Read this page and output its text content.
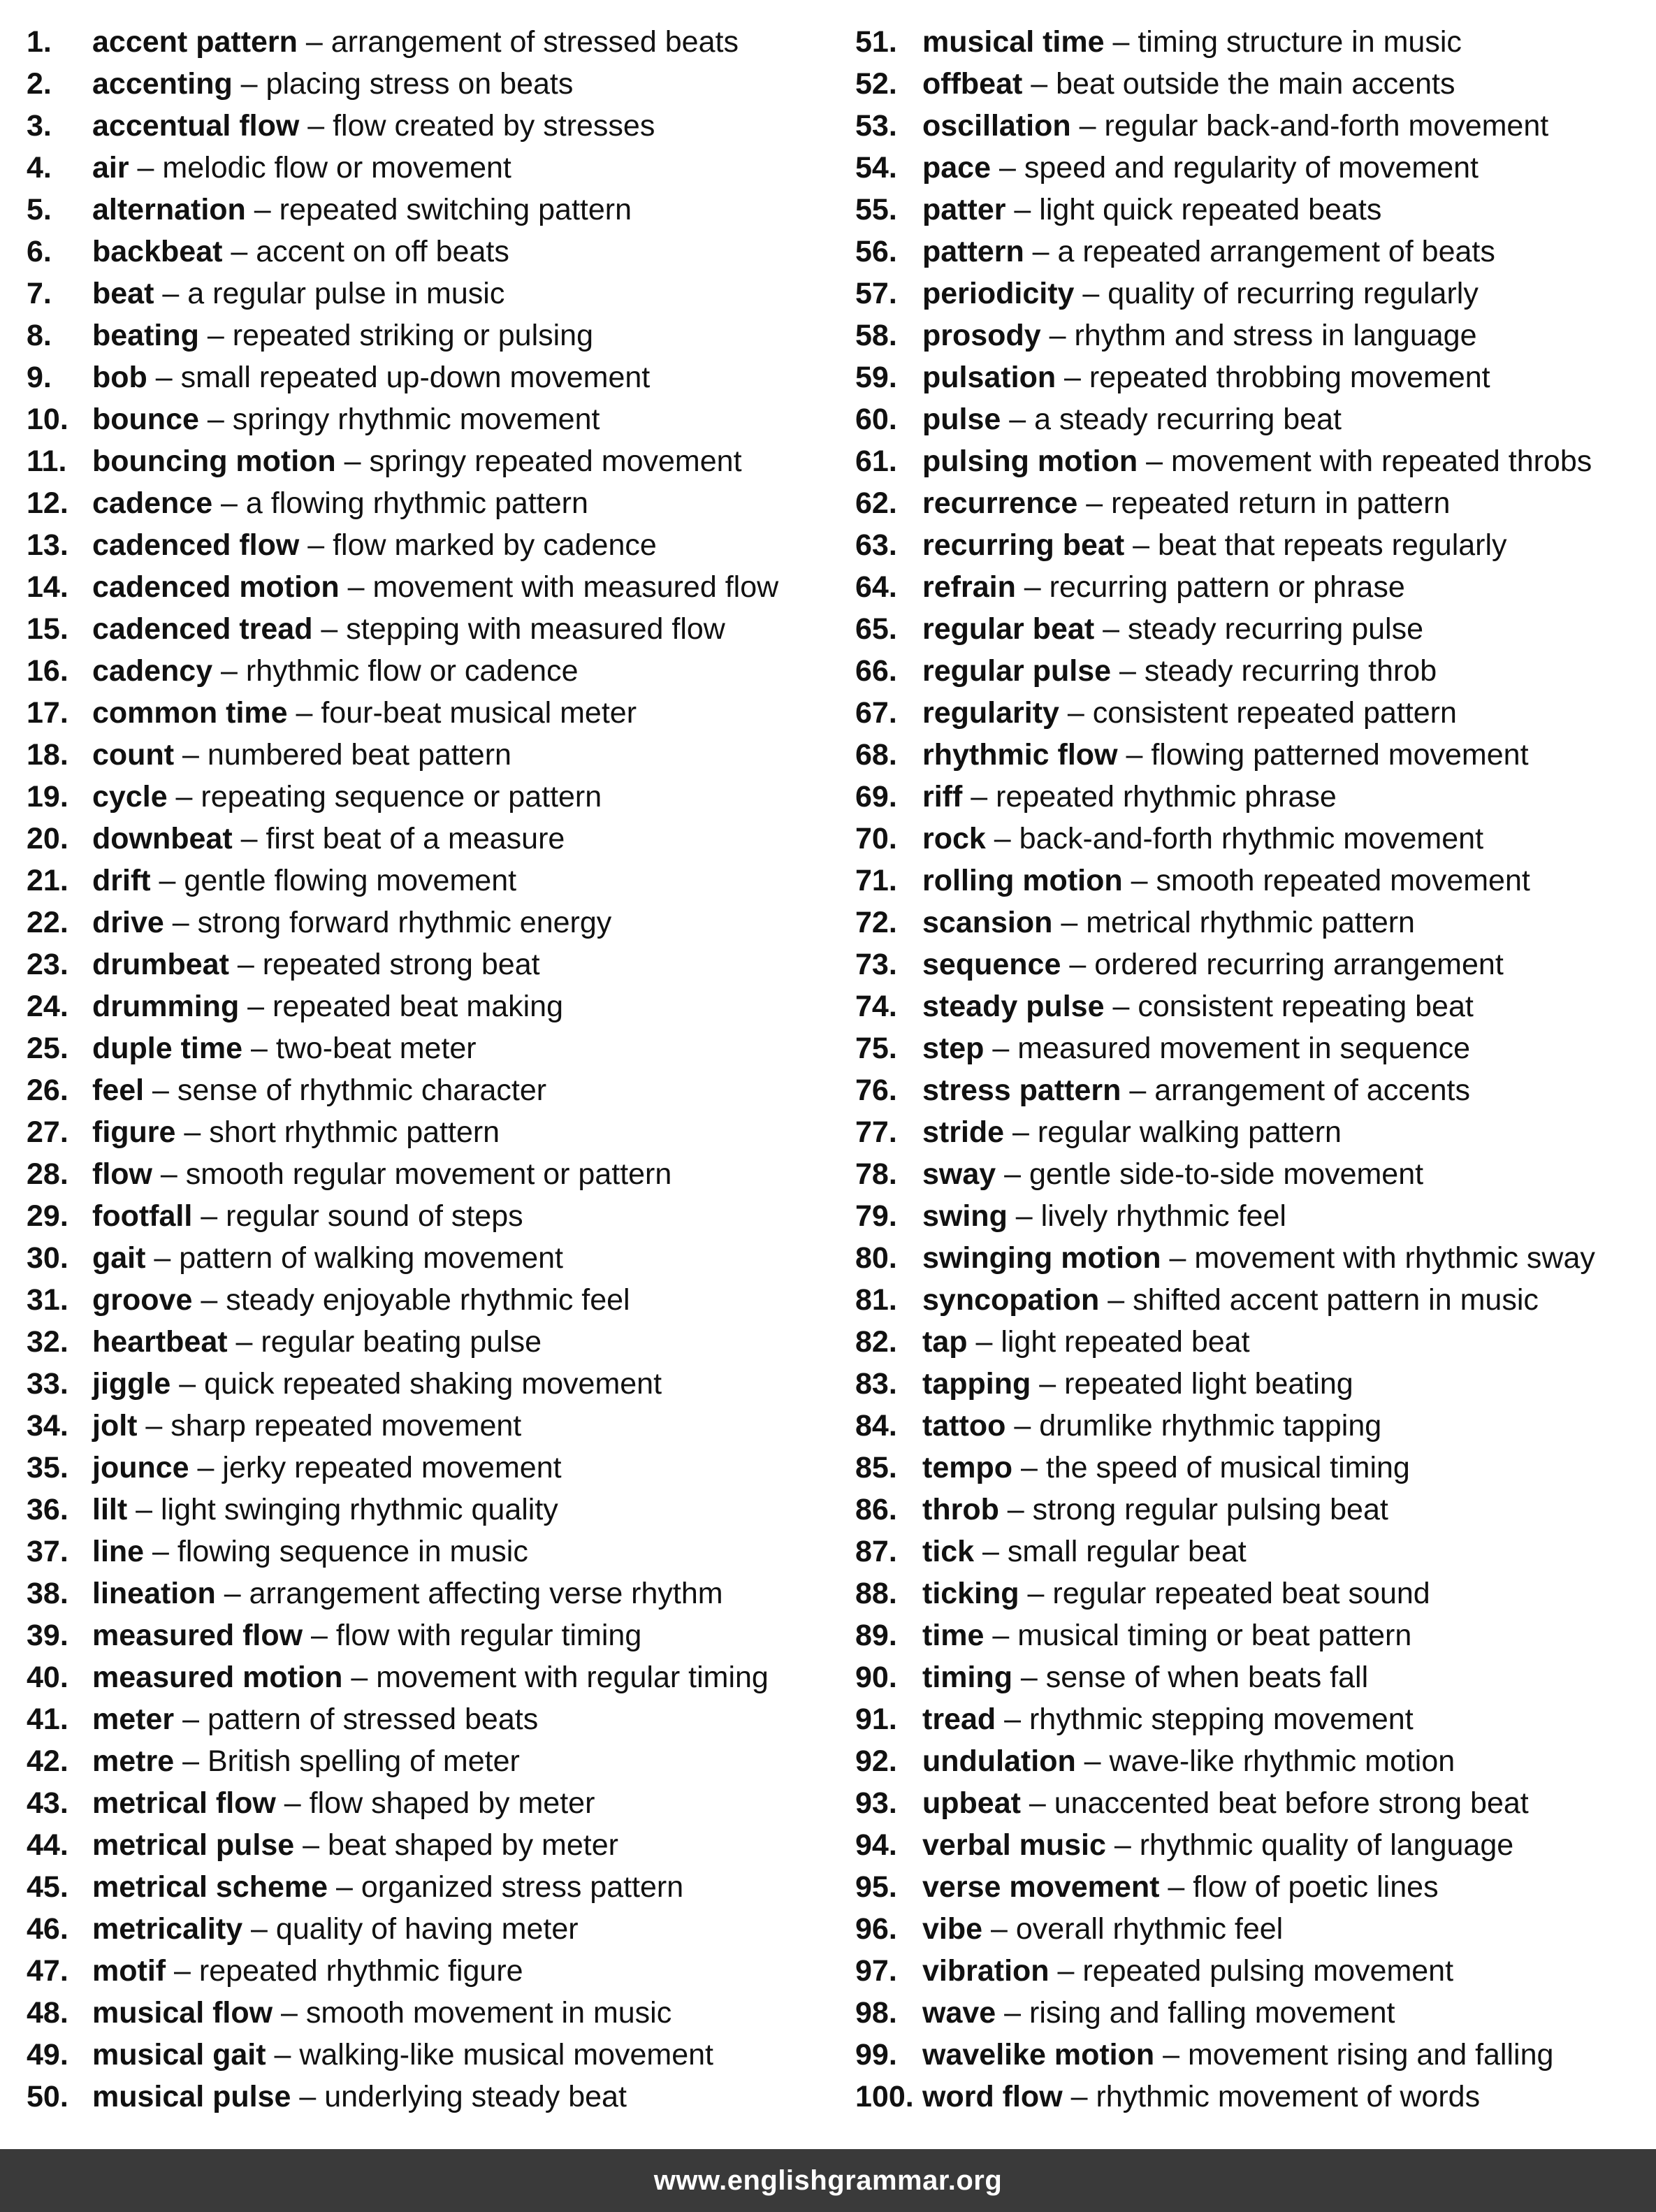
1.	accent pattern – arrangement of stressed beats
2.	accenting – placing stress on beats
3.	accentual flow – flow created by stresses
4.	air – melodic flow or movement
5.	alternation – repeated switching pattern
6.	backbeat – accent on off beats
7.	beat – a regular pulse in music
8.	beating – repeated striking or pulsing
9.	bob – small repeated up-down movement
10. bounce – springy rhythmic movement
11. bouncing motion – springy repeated movement
12. cadence – a flowing rhythmic pattern
13. cadenced flow – flow marked by cadence
14. cadenced motion – movement with measured flow
15. cadenced tread – stepping with measured flow
16. cadency – rhythmic flow or cadence
17. common time – four-beat musical meter
18. count – numbered beat pattern
19. cycle – repeating sequence or pattern
20. downbeat – first beat of a measure
21. drift – gentle flowing movement
22. drive – strong forward rhythmic energy
23. drumbeat – repeated strong beat
24. drumming – repeated beat making
25. duple time – two-beat meter
26. feel – sense of rhythmic character
27. figure – short rhythmic pattern
28. flow – smooth regular movement or pattern
29. footfall – regular sound of steps
30. gait – pattern of walking movement
31. groove – steady enjoyable rhythmic feel
32. heartbeat – regular beating pulse
33. jiggle – quick repeated shaking movement
34. jolt – sharp repeated movement
35. jounce – jerky repeated movement
36. lilt – light swinging rhythmic quality
37. line – flowing sequence in music
38. lineation – arrangement affecting verse rhythm
39. measured flow – flow with regular timing
40. measured motion – movement with regular timing
41. meter – pattern of stressed beats
42. metre – British spelling of meter
43. metrical flow – flow shaped by meter
44. metrical pulse – beat shaped by meter
45. metrical scheme – organized stress pattern
46. metricality – quality of having meter
47. motif – repeated rhythmic figure
48. musical flow – smooth movement in music
49. musical gait – walking-like musical movement
50. musical pulse – underlying steady beat
51. musical time – timing structure in music
52. offbeat – beat outside the main accents
53. oscillation – regular back-and-forth movement
54. pace – speed and regularity of movement
55. patter – light quick repeated beats
56. pattern – a repeated arrangement of beats
57. periodicity – quality of recurring regularly
58. prosody – rhythm and stress in language
59. pulsation – repeated throbbing movement
60. pulse – a steady recurring beat
61. pulsing motion – movement with repeated throbs
62. recurrence – repeated return in pattern
63. recurring beat – beat that repeats regularly
64. refrain – recurring pattern or phrase
65. regular beat – steady recurring pulse
66. regular pulse – steady recurring throb
67. regularity – consistent repeated pattern
68. rhythmic flow – flowing patterned movement
69. riff – repeated rhythmic phrase
70. rock – back-and-forth rhythmic movement
71. rolling motion – smooth repeated movement
72. scansion – metrical rhythmic pattern
73. sequence – ordered recurring arrangement
74. steady pulse – consistent repeating beat
75. step – measured movement in sequence
76. stress pattern – arrangement of accents
77. stride – regular walking pattern
78. sway – gentle side-to-side movement
79. swing – lively rhythmic feel
80. swinging motion – movement with rhythmic sway
81. syncopation – shifted accent pattern in music
82. tap – light repeated beat
83. tapping – repeated light beating
84. tattoo – drumlike rhythmic tapping
85. tempo – the speed of musical timing
86. throb – strong regular pulsing beat
87. tick – small regular beat
88. ticking – regular repeated beat sound
89. time – musical timing or beat pattern
90. timing – sense of when beats fall
91. tread – rhythmic stepping movement
92. undulation – wave-like rhythmic motion
93. upbeat – unaccented beat before strong beat
94. verbal music – rhythmic quality of language
95. verse movement – flow of poetic lines
96. vibe – overall rhythmic feel
97. vibration – repeated pulsing movement
98. wave – rising and falling movement
99. wavelike motion – movement rising and falling
100. word flow – rhythmic movement of words
www.englishgrammar.org
